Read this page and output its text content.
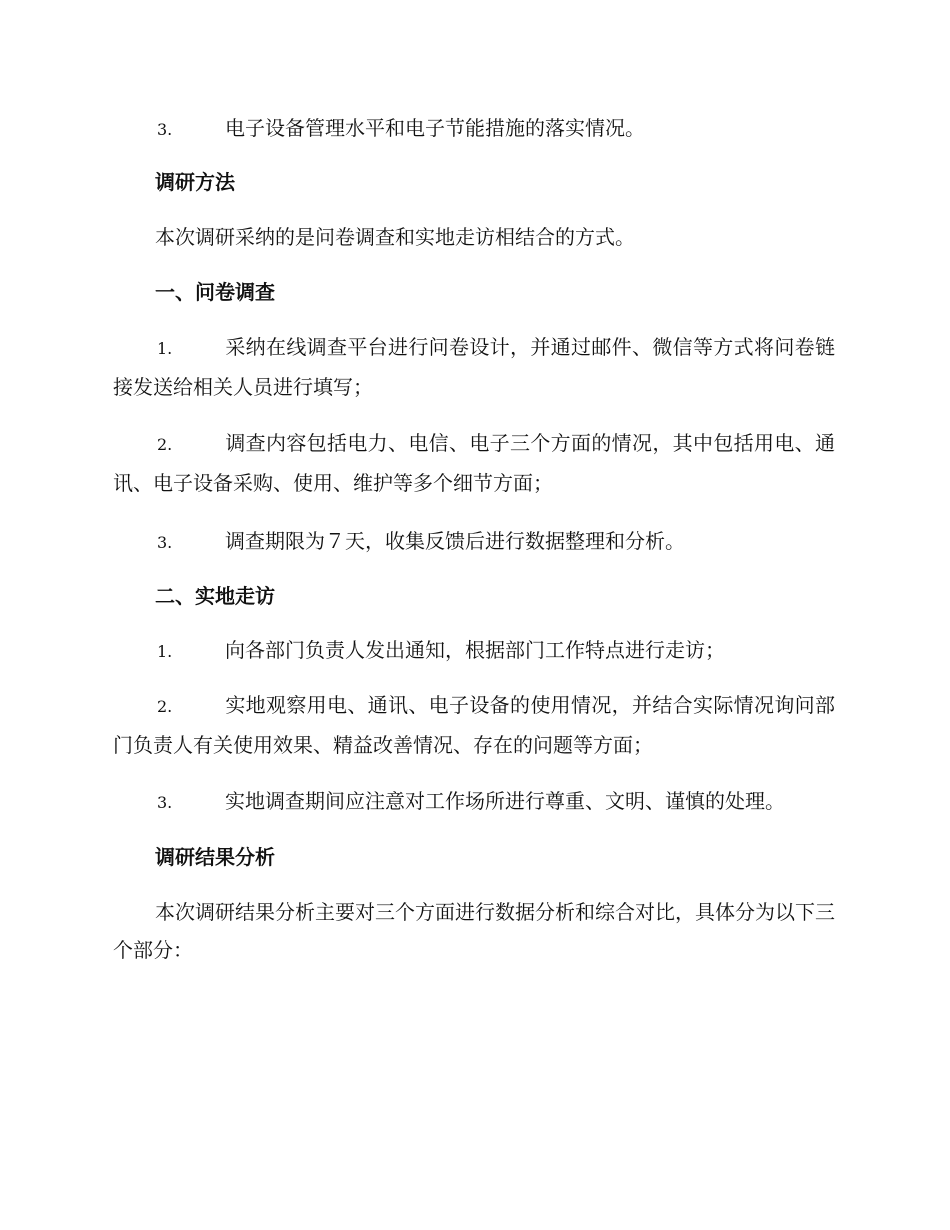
3.	电子设备管理水平和电子节能措施的落实情况。
调研方法
本次调研采纳的是问卷调查和实地走访相结合的方式。
一、问卷调查
1.	采纳在线调查平台进行问卷设计，并通过邮件、微信等方式将问卷链接发送给相关人员进行填写；
2.	调查内容包括电力、电信、电子三个方面的情况，其中包括用电、通讯、电子设备采购、使用、维护等多个细节方面；
3.	调查期限为７天，收集反馈后进行数据整理和分析。
二、实地走访
1.	向各部门负责人发出通知，根据部门工作特点进行走访；
2.	实地观察用电、通讯、电子设备的使用情况，并结合实际情况询问部门负责人有关使用效果、精益改善情况、存在的问题等方面；
3.	实地调查期间应注意对工作场所进行尊重、文明、谨慎的处理。
调研结果分析
本次调研结果分析主要对三个方面进行数据分析和综合对比，具体分为以下三个部分：
